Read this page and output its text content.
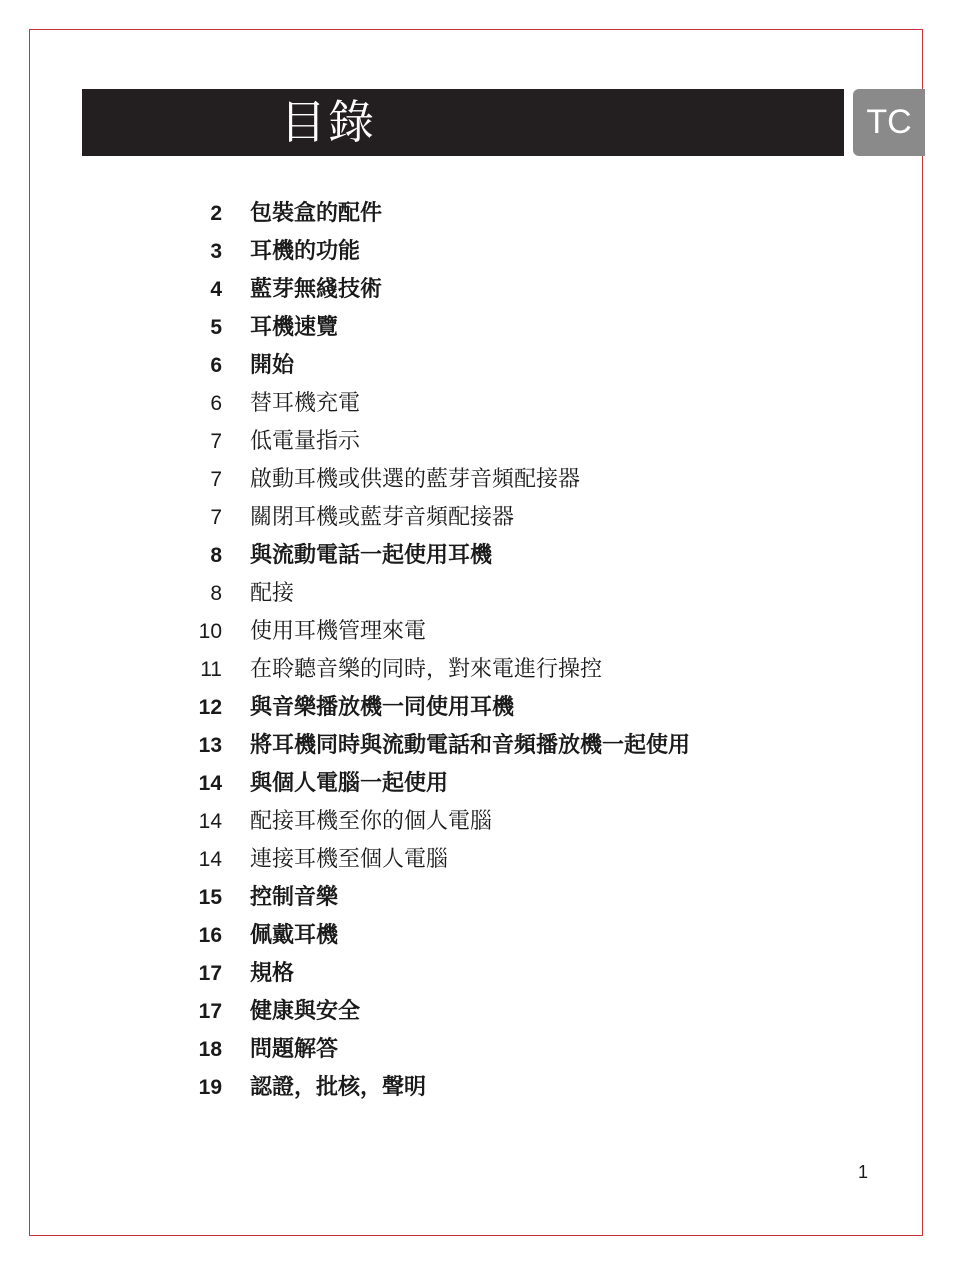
目錄	TC
2 包裝盒的配件
3 耳機的功能
4 藍芽無綫技術
5 耳機速覽
6 開始
6 替耳機充電
7 低電量指示
7 啟動耳機或供選的藍芽音頻配接器
7 關閉耳機或藍芽音頻配接器
8 與流動電話一起使用耳機
8 配接
10 使用耳機管理來電
11 在聆聽音樂的同時，對來電進行操控
12 與音樂播放機一同使用耳機
13 將耳機同時與流動電話和音頻播放機一起使用
14 與個人電腦一起使用
14 配接耳機至你的個人電腦
14 連接耳機至個人電腦
15 控制音樂
16 佩戴耳機
17 規格
17 健康與安全
18 問題解答
19 認證，批核，聲明
1
